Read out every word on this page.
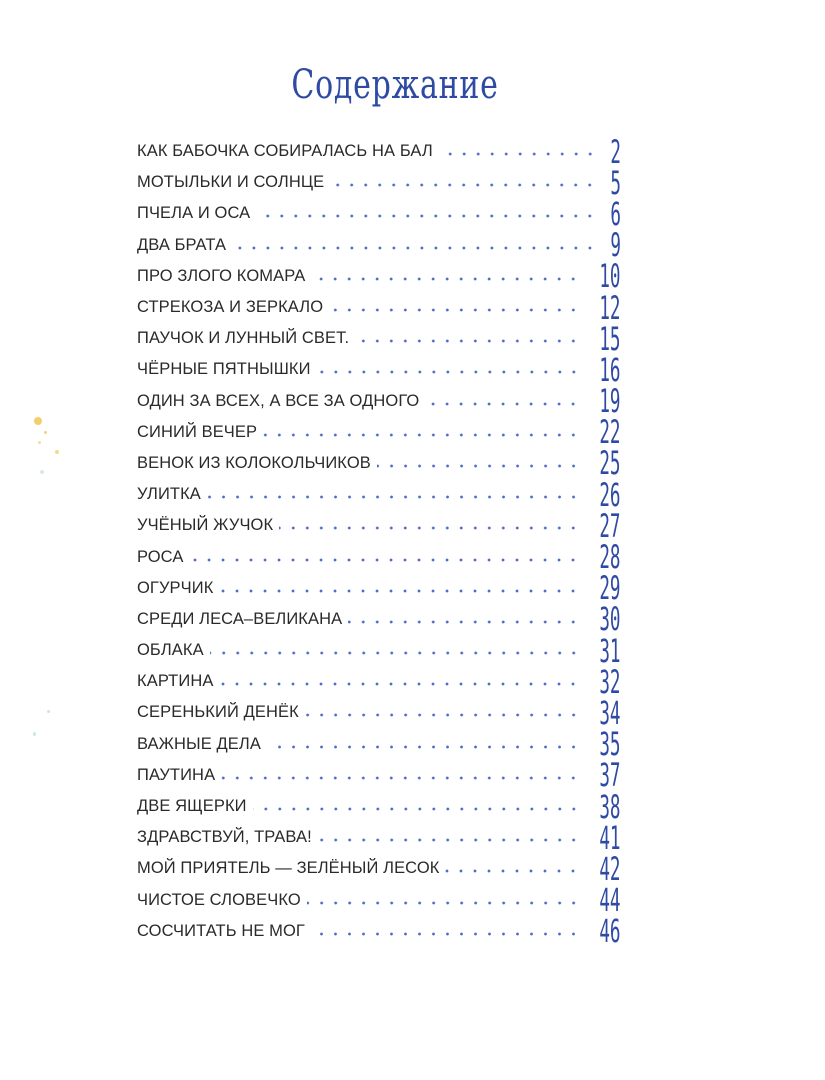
Содержание
КАК БАБОЧКА СОБИРАЛАСЬ НА БАЛ	2
МОТЫЛЬКИ И СОЛНЦЕ	5
ПЧЕЛА И ОСА	6
ДВА БРАТА	9
ПРО ЗЛОГО КОМАРА	10
СТРЕКОЗА И ЗЕРКАЛО	12
ПАУЧОК И ЛУННЫЙ СВЕТ.	15
ЧЁРНЫЕ ПЯТНЫШКИ	16
ОДИН ЗА ВСЕХ, А ВСЕ ЗА ОДНОГО	19
СИНИЙ ВЕЧЕР	22
ВЕНОК ИЗ КОЛОКОЛЬЧИКОВ	25
УЛИТКА	26
УЧЁНЫЙ ЖУЧОК	27
РОСА	28
ОГУРЧИК	29
СРЕДИ ЛЕСА–ВЕЛИКАНА	30
ОБЛАКА	31
КАРТИНА	32
СЕРЕНЬКИЙ ДЕНЁК	34
ВАЖНЫЕ ДЕЛА	35
ПАУТИНА	37
ДВЕ ЯЩЕРКИ	38
ЗДРАВСТВУЙ, ТРАВА!	41
МОЙ ПРИЯТЕЛЬ — ЗЕЛЁНЫЙ ЛЕСОК	42
ЧИСТОЕ СЛОВЕЧКО	44
СОСЧИТАТЬ НЕ МОГ	46
